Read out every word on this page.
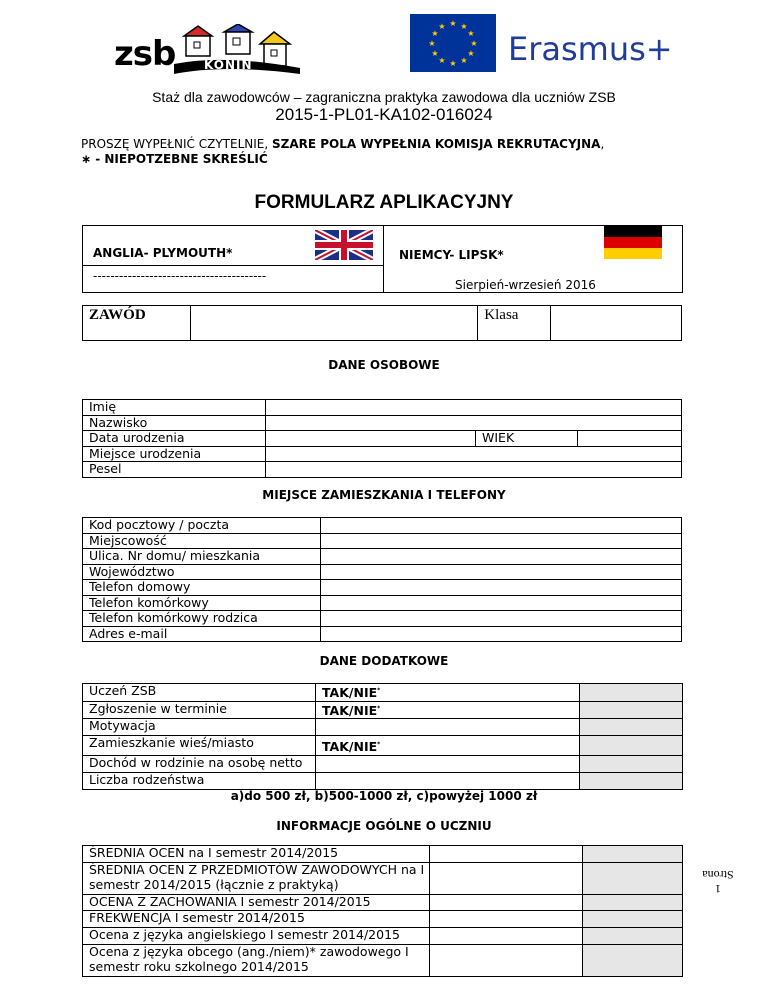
zsb KONIN
★ ★
★
★
★
★
★
★
★
★
★
★
Erasmus+
Staż dla zawodowców – zagraniczna praktyka zawodowa dla uczniów ZSB
2015-1-PL01-KA102-016024
PROSZĘ WYPEŁNIĆ CZYTELNIE, SZARE POLA WYPEŁNIA KOMISJA REKRUTACYJNA,
∗ - NIEPOTZEBNE SKREŚLIĆ
FORMULARZ APLIKACYJNY
ANGLIA- PLYMOUTH*
----------------------------------------
NIEMCY- LIPSK*
Sierpień-wrzesień 2016
ZAWÓD		Klasa	
DANE OSOBOWE
Imię			
Nazwisko			
Data urodzenia		WIEK	
Miejsce urodzenia			
Pesel			
MIEJSCE ZAMIESZKANIA I TELEFONY
Kod pocztowy / poczta	
Miejscowość	
Ulica. Nr domu/ mieszkania	
Województwo	
Telefon domowy	
Telefon komórkowy	
Telefon komórkowy rodzica	
Adres e-mail	
DANE DODATKOWE
Uczeń ZSB	TAK/NIE*	
Zgłoszenie w terminie	TAK/NIE*	
Motywacja		
Zamieszkanie wieś/miasto	TAK/NIE*	
Dochód w rodzinie na osobę netto		
Liczba rodzeństwa		
a)do 500 zł, b)500-1000 zł, c)powyżej 1000 zł
INFORMACJE OGÓLNE O UCZNIU
ŚREDNIA OCEN na I semestr 2014/2015		
ŚREDNIA OCEN Z PRZEDMIOTÓW ZAWODOWYCH na I semestr 2014/2015 (łącznie z praktyką)		
OCENA Z ZACHOWANIA I semestr 2014/2015		
FREKWENCJA I semestr 2014/2015		
Ocena z języka angielskiego I semestr 2014/2015		
Ocena z języka obcego (ang./niem)* zawodowego I semestr roku szkolnego 2014/2015		
1
Strona
